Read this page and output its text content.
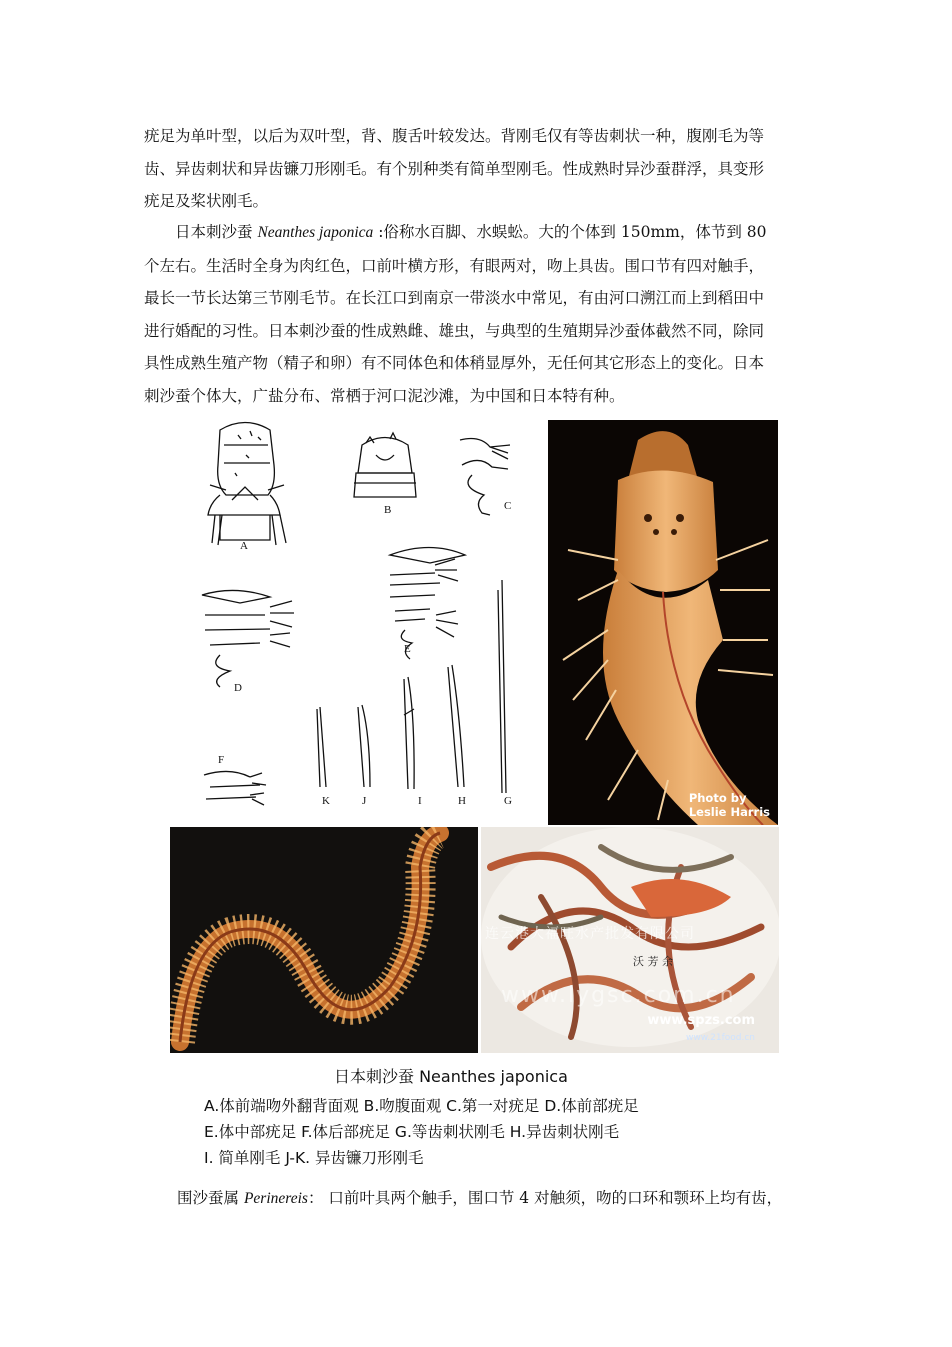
疣足为单叶型，以后为双叶型，背、腹舌叶较发达。背刚毛仅有等齿刺状一种，腹刚毛为等
齿、异齿刺状和异齿镰刀形刚毛。有个别种类有简单型刚毛。性成熟时异沙蚕群浮，具变形
疣足及桨状刚毛。

日本刺沙蚕 Neanthes japonica :俗称水百脚、水蜈蚣。大的个体到 150mm，体节到 80
个左右。生活时全身为肉红色，口前叶横方形，有眼两对，吻上具齿。围口节有四对触手，
最长一节长达第三节刚毛节。在长江口到南京一带淡水中常见，有由河口溯江而上到稻田中
进行婚配的习性。日本刺沙蚕的性成熟雌、雄虫，与典型的生殖期异沙蚕体截然不同，除同
具性成熟生殖产物（精子和卵）有不同体色和体稍显厚外，无任何其它形态上的变化。日本
刺沙蚕个体大，广盐分布、常栖于河口泥沙滩，为中国和日本特有种。

A
B	C
D
E
F
K	J	I	H	G	Photo by
Leslie Harris
连云港大福旺水产批发有限公司
沃 芳 余
www.lygsc.com.cn
www.spzs.com
www.21food.cn
日本刺沙蚕 Neanthes japonica
A.体前端吻外翻背面观 B.吻腹面观 C.第一对疣足 D.体前部疣足
E.体中部疣足 F.体后部疣足 G.等齿刺状刚毛 H.异齿刺状刚毛
I. 简单刚毛 J-K. 异齿镰刀形刚毛

围沙蚕属 Perinereis： 口前叶具两个触手，围口节 4 对触须，吻的口环和颚环上均有齿，
